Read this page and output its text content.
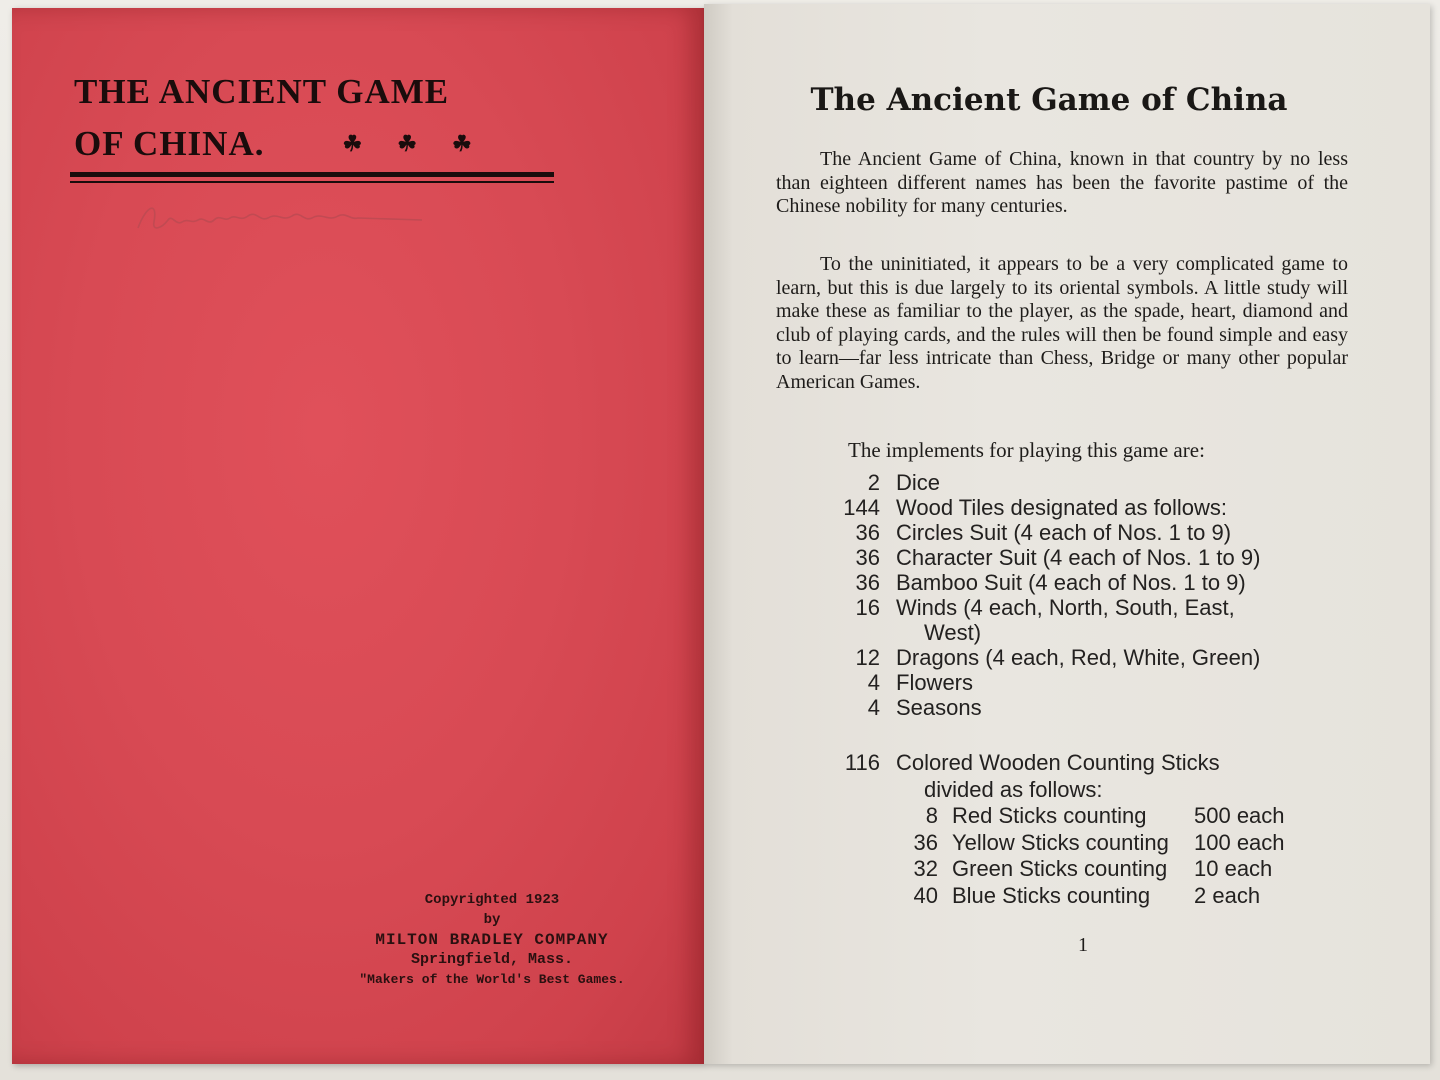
THE ANCIENT GAME
OF CHINA.	☘ ☘ ☘
Copyrighted 1923
by
MILTON BRADLEY COMPANY
Springfield, Mass.
"Makers of the World's Best Games.
The Ancient Game of China
The Ancient Game of China, known in that country by no less than eighteen different names has been the favorite pastime of the Chinese nobility for many centuries.
To the uninitiated, it appears to be a very complicated game to learn, but this is due largely to its oriental symbols. A little study will make these as familiar to the player, as the spade, heart, diamond and club of playing cards, and the rules will then be found simple and easy to learn—far less intricate than Chess, Bridge or many other popular American Games.
The implements for playing this game are:
2 Dice
144 Wood Tiles designated as follows:
36 Circles Suit (4 each of Nos. 1 to 9)
36 Character Suit (4 each of Nos. 1 to 9)
36 Bamboo Suit (4 each of Nos. 1 to 9)
16 Winds (4 each, North, South, East,
West)
12 Dragons (4 each, Red, White, Green)
4 Flowers
4 Seasons
116 Colored Wooden Counting Sticks
divided as follows:
8 Red Sticks counting	500 each
36 Yellow Sticks counting	100 each
32 Green Sticks counting	10 each
40 Blue Sticks counting	2 each
1
